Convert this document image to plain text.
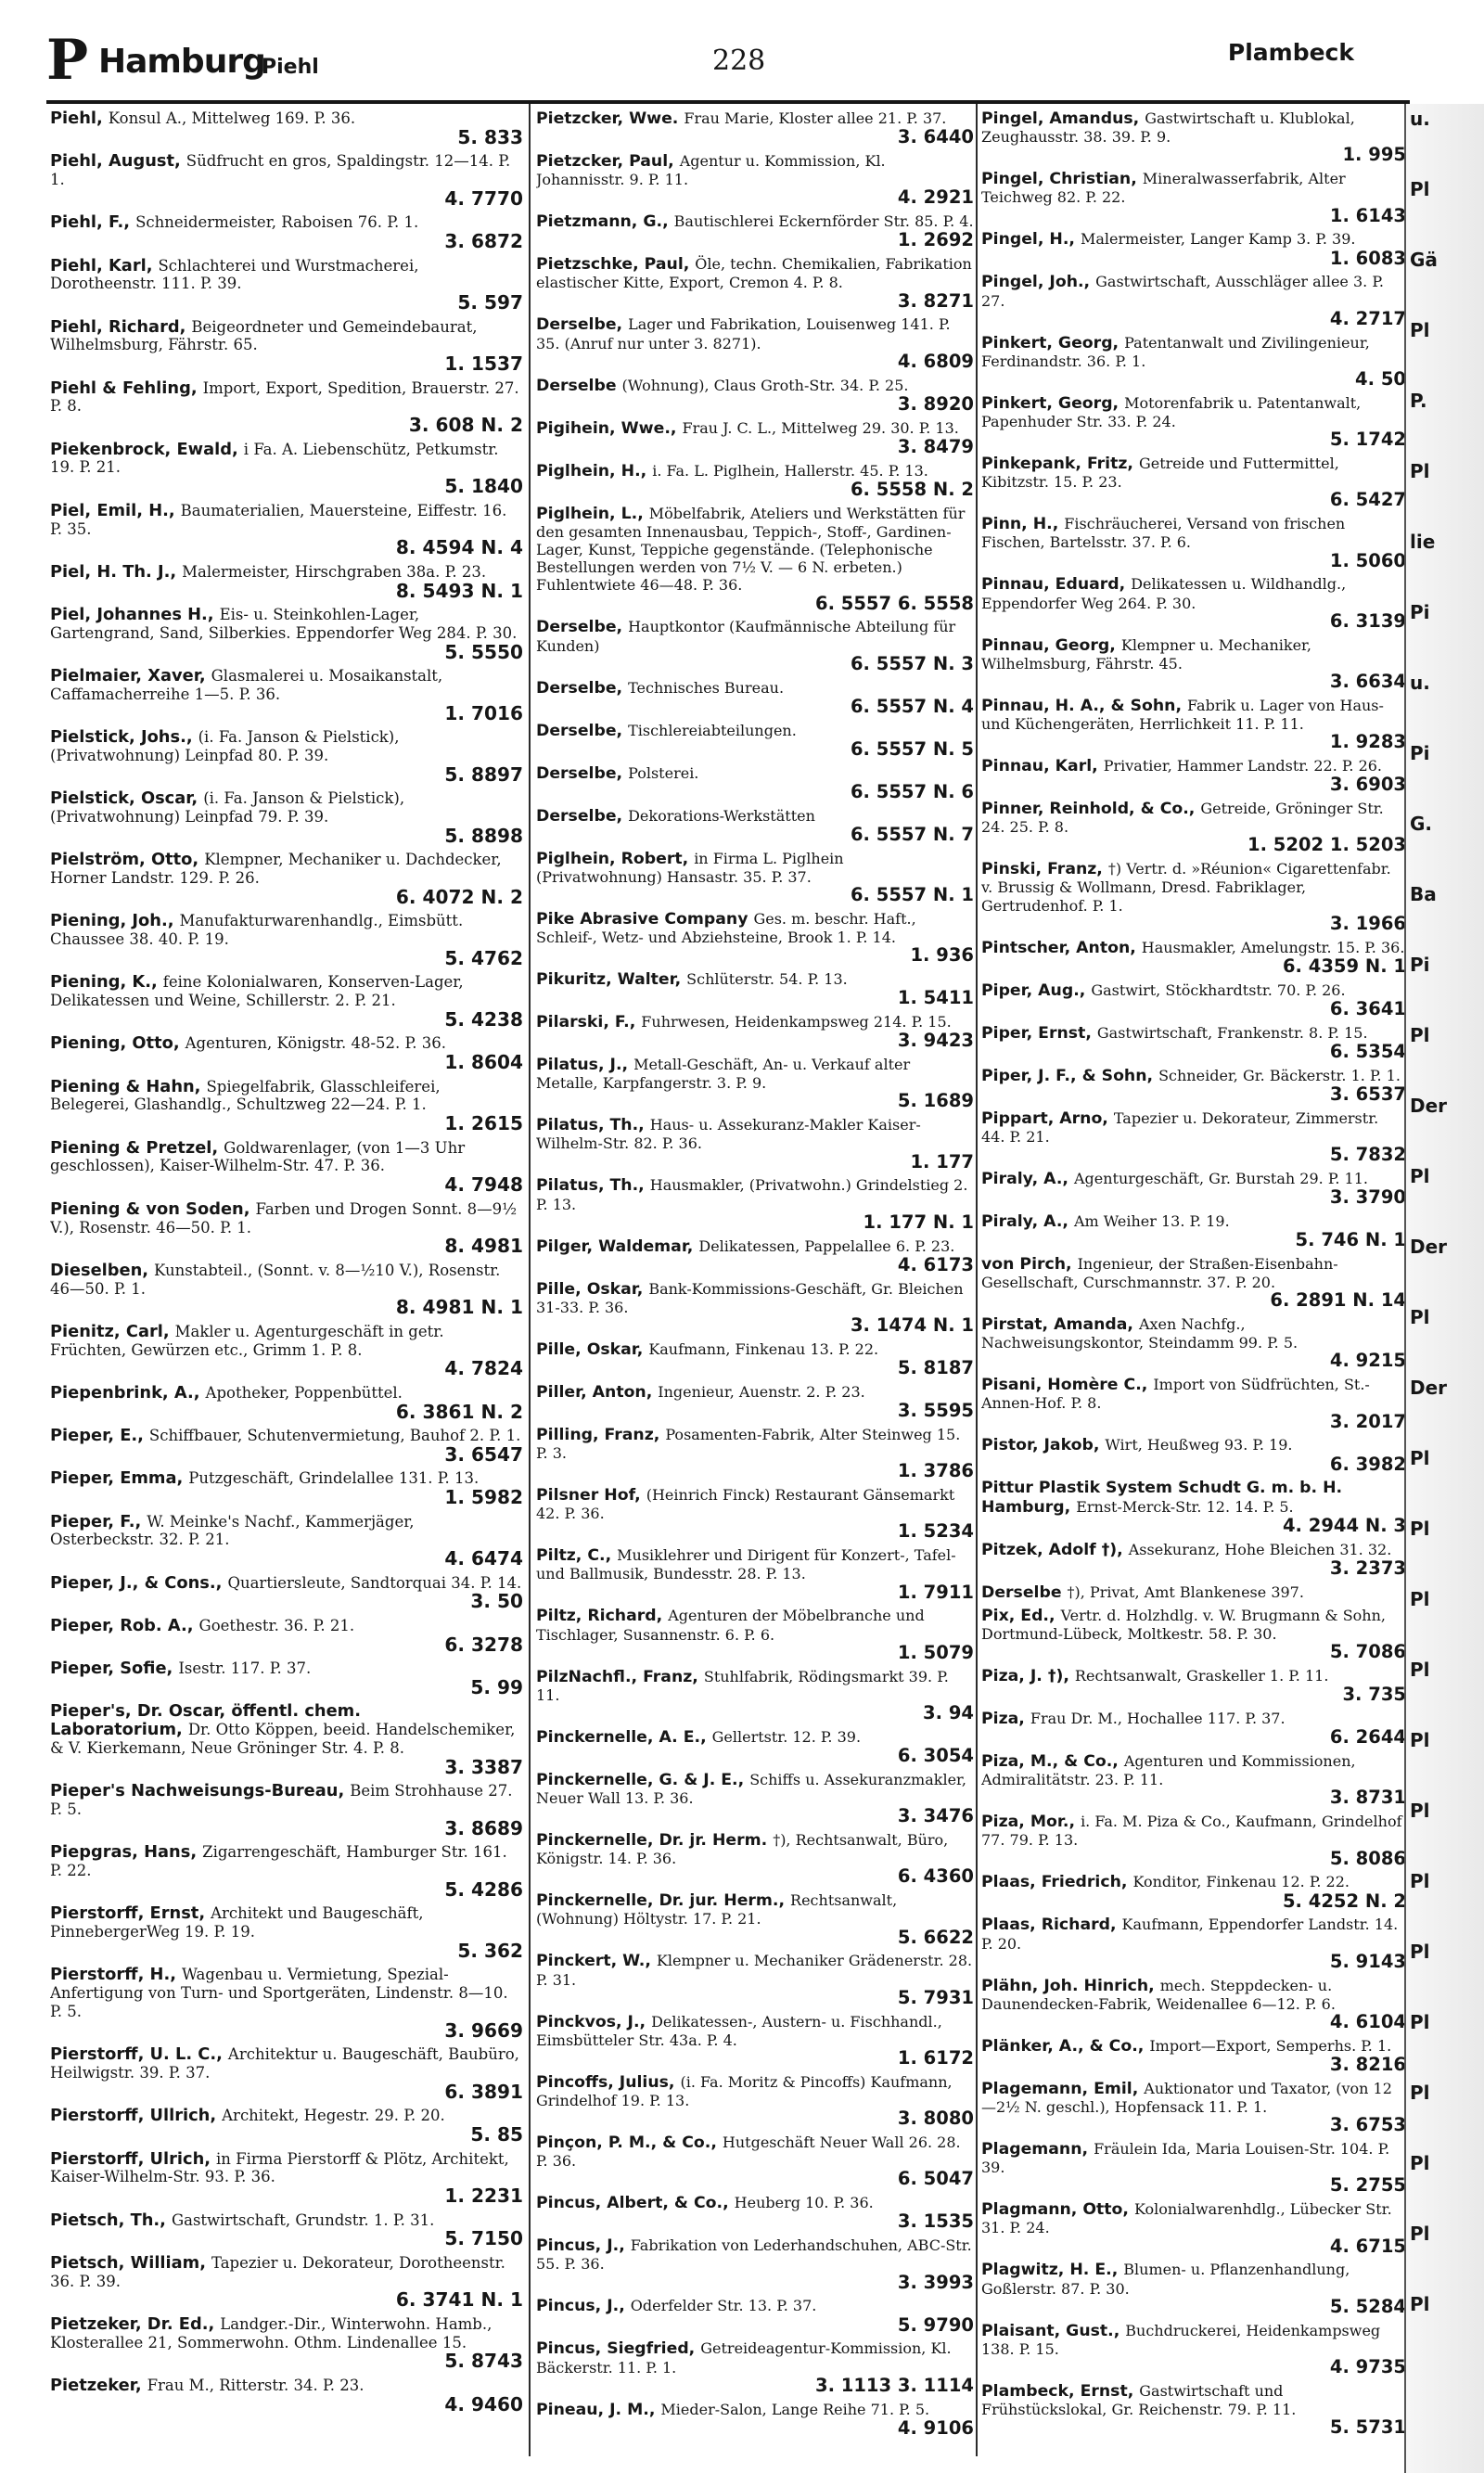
P Hamburg
Piehl	228	Plambeck
Piehl, Konsul A., Mittelweg 169. P. 36.
5. 833
Piehl, August, Südfrucht en gros, Spaldingstr. 12—14. P. 1.
4. 7770
Piehl, F., Schneidermeister, Raboisen 76. P. 1.
3. 6872
Piehl, Karl, Schlachterei und Wurstmacherei, Dorotheenstr. 111. P. 39.
5. 597
Piehl, Richard, Beigeordneter und Gemeindebaurat, Wilhelmsburg, Fährstr. 65.
1. 1537
Piehl & Fehling, Import, Export, Spedition, Brauerstr. 27. P. 8.
3. 608 N. 2
Piekenbrock, Ewald, i Fa. A. Liebenschütz, Petkumstr. 19. P. 21.
5. 1840
Piel, Emil, H., Baumaterialien, Mauersteine, Eiffestr. 16. P. 35.
8. 4594 N. 4
Piel, H. Th. J., Malermeister, Hirschgraben 38a. P. 23.
8. 5493 N. 1
Piel, Johannes H., Eis- u. Steinkohlen-Lager, Gartengrand, Sand, Silberkies. Eppendorfer Weg 284. P. 30.
5. 5550
Pielmaier, Xaver, Glasmalerei u. Mosaikanstalt, Caffamacherreihe 1—5. P. 36.
1. 7016
Pielstick, Johs., (i. Fa. Janson & Pielstick), (Privatwohnung) Leinpfad 80. P. 39.
5. 8897
Pielstick, Oscar, (i. Fa. Janson & Pielstick), (Privatwohnung) Leinpfad 79. P. 39.
5. 8898
Pielström, Otto, Klempner, Mechaniker u. Dachdecker, Horner Landstr. 129. P. 26.
6. 4072 N. 2
Piening, Joh., Manufakturwarenhandlg., Eimsbütt. Chaussee 38. 40. P. 19.
5. 4762
Piening, K., feine Kolonialwaren, Konserven-Lager, Delikatessen und Weine, Schillerstr. 2. P. 21.
5. 4238
Piening, Otto, Agenturen, Königstr. 48-52. P. 36.
1. 8604
Piening & Hahn, Spiegelfabrik, Glasschleiferei, Belegerei, Glashandlg., Schultzweg 22—24. P. 1.
1. 2615
Piening & Pretzel, Goldwarenlager, (von 1—3 Uhr geschlossen), Kaiser-Wilhelm-Str. 47. P. 36.
4. 7948
Piening & von Soden, Farben und Drogen Sonnt. 8—9½ V.), Rosenstr. 46—50. P. 1.
8. 4981
Dieselben, Kunstabteil., (Sonnt. v. 8—½10 V.), Rosenstr. 46—50. P. 1.
8. 4981 N. 1
Pienitz, Carl, Makler u. Agenturgeschäft in getr. Früchten, Gewürzen etc., Grimm 1. P. 8.
4. 7824
Piepenbrink, A., Apotheker, Poppenbüttel.
6. 3861 N. 2
Pieper, E., Schiffbauer, Schutenvermietung, Bauhof 2. P. 1.
3. 6547
Pieper, Emma, Putzgeschäft, Grindelallee 131. P. 13.
1. 5982
Pieper, F., W. Meinke's Nachf., Kammerjäger, Osterbeckstr. 32. P. 21.
4. 6474
Pieper, J., & Cons., Quartiersleute, Sandtorquai 34. P. 14.
3. 50
Pieper, Rob. A., Goethestr. 36. P. 21.
6. 3278
Pieper, Sofie, Isestr. 117. P. 37.
5. 99
Pieper's, Dr. Oscar, öffentl. chem. Laboratorium, Dr. Otto Köppen, beeid. Handelschemiker, & V. Kierkemann, Neue Gröninger Str. 4. P. 8.
3. 3387
Pieper's Nachweisungs-Bureau, Beim Strohhause 27. P. 5.
3. 8689
Piepgras, Hans, Zigarrengeschäft, Hamburger Str. 161. P. 22.
5. 4286
Pierstorff, Ernst, Architekt und Baugeschäft, PinnebergerWeg 19. P. 19.
5. 362
Pierstorff, H., Wagenbau u. Vermietung, Spezial-Anfertigung von Turn- und Sportgeräten, Lindenstr. 8—10. P. 5.
3. 9669
Pierstorff, U. L. C., Architektur u. Baugeschäft, Baubüro, Heilwigstr. 39. P. 37.
6. 3891
Pierstorff, Ullrich, Architekt, Hegestr. 29. P. 20.
5. 85
Pierstorff, Ulrich, in Firma Pierstorff & Plötz, Architekt, Kaiser-Wilhelm-Str. 93. P. 36.
1. 2231
Pietsch, Th., Gastwirtschaft, Grundstr. 1. P. 31.
5. 7150
Pietsch, William, Tapezier u. Dekorateur, Dorotheenstr. 36. P. 39.
6. 3741 N. 1
Pietzeker, Dr. Ed., Landger.-Dir., Winterwohn. Hamb., Klosterallee 21, Sommerwohn. Othm. Lindenallee 15.
5. 8743
Pietzeker, Frau M., Ritterstr. 34. P. 23.
4. 9460
Pietzcker, Wwe. Frau Marie, Kloster allee 21. P. 37.
3. 6440
Pietzcker, Paul, Agentur u. Kommission, Kl. Johannisstr. 9. P. 11.
4. 2921
Pietzmann, G., Bautischlerei Eckernförder Str. 85. P. 4.
1. 2692
Pietzschke, Paul, Öle, techn. Chemikalien, Fabrikation elastischer Kitte, Export, Cremon 4. P. 8.
3. 8271
Derselbe, Lager und Fabrikation, Louisenweg 141. P. 35. (Anruf nur unter 3. 8271).
4. 6809
Derselbe (Wohnung), Claus Groth-Str. 34. P. 25.
3. 8920
Pigihein, Wwe., Frau J. C. L., Mittelweg 29. 30. P. 13.
3. 8479
Piglhein, H., i. Fa. L. Piglhein, Hallerstr. 45. P. 13.
6. 5558 N. 2
Piglhein, L., Möbelfabrik, Ateliers und Werkstätten für den gesamten Innenausbau, Teppich-, Stoff-, Gardinen-Lager, Kunst, Teppiche gegenstände. (Telephonische Bestellungen werden von 7½ V. — 6 N. erbeten.) Fuhlentwiete 46—48. P. 36.
6. 5557 6. 5558
Derselbe, Hauptkontor (Kaufmännische Abteilung für Kunden)
6. 5557 N. 3
Derselbe, Technisches Bureau.
6. 5557 N. 4
Derselbe, Tischlereiabteilungen.
6. 5557 N. 5
Derselbe, Polsterei.
6. 5557 N. 6
Derselbe, Dekorations-Werkstätten
6. 5557 N. 7
Piglhein, Robert, in Firma L. Piglhein (Privatwohnung) Hansastr. 35. P. 37.
6. 5557 N. 1
Pike Abrasive Company Ges. m. beschr. Haft., Schleif-, Wetz- und Abziehsteine, Brook 1. P. 14.
1. 936
Pikuritz, Walter, Schlüterstr. 54. P. 13.
1. 5411
Pilarski, F., Fuhrwesen, Heidenkampsweg 214. P. 15.
3. 9423
Pilatus, J., Metall-Geschäft, An- u. Verkauf alter Metalle, Karpfangerstr. 3. P. 9.
5. 1689
Pilatus, Th., Haus- u. Assekuranz-Makler Kaiser-Wilhelm-Str. 82. P. 36.
1. 177
Pilatus, Th., Hausmakler, (Privatwohn.) Grindelstieg 2. P. 13.
1. 177 N. 1
Pilger, Waldemar, Delikatessen, Pappelallee 6. P. 23.
4. 6173
Pille, Oskar, Bank-Kommissions-Geschäft, Gr. Bleichen 31-33. P. 36.
3. 1474 N. 1
Pille, Oskar, Kaufmann, Finkenau 13. P. 22.
5. 8187
Piller, Anton, Ingenieur, Auenstr. 2. P. 23.
3. 5595
Pilling, Franz, Posamenten-Fabrik, Alter Steinweg 15. P. 3.
1. 3786
Pilsner Hof, (Heinrich Finck) Restaurant Gänsemarkt 42. P. 36.
1. 5234
Piltz, C., Musiklehrer und Dirigent für Konzert-, Tafel- und Ballmusik, Bundesstr. 28. P. 13.
1. 7911
Piltz, Richard, Agenturen der Möbelbranche und Tischlager, Susannenstr. 6. P. 6.
1. 5079
PilzNachfl., Franz, Stuhlfabrik, Rödingsmarkt 39. P. 11.
3. 94
Pinckernelle, A. E., Gellertstr. 12. P. 39.
6. 3054
Pinckernelle, G. & J. E., Schiffs u. Assekuranzmakler, Neuer Wall 13. P. 36.
3. 3476
Pinckernelle, Dr. jr. Herm. †), Rechtsanwalt, Büro, Königstr. 14. P. 36.
6. 4360
Pinckernelle, Dr. jur. Herm., Rechtsanwalt, (Wohnung) Höltystr. 17. P. 21.
5. 6622
Pinckert, W., Klempner u. Mechaniker Grädenerstr. 28. P. 31.
5. 7931
Pinckvos, J., Delikatessen-, Austern- u. Fischhandl., Eimsbütteler Str. 43a. P. 4.
1. 6172
Pincoffs, Julius, (i. Fa. Moritz & Pincoffs) Kaufmann, Grindelhof 19. P. 13.
3. 8080
Pinçon, P. M., & Co., Hutgeschäft Neuer Wall 26. 28. P. 36.
6. 5047
Pincus, Albert, & Co., Heuberg 10. P. 36.
3. 1535
Pincus, J., Fabrikation von Lederhandschuhen, ABC-Str. 55. P. 36.
3. 3993
Pincus, J., Oderfelder Str. 13. P. 37.
5. 9790
Pincus, Siegfried, Getreideagentur-Kommission, Kl. Bäckerstr. 11. P. 1.
3. 1113 3. 1114
Pineau, J. M., Mieder-Salon, Lange Reihe 71. P. 5.
4. 9106
Pingel, Amandus, Gastwirtschaft u. Klublokal, Zeughausstr. 38. 39. P. 9.
1. 995
Pingel, Christian, Mineralwasserfabrik, Alter Teichweg 82. P. 22.
1. 6143
Pingel, H., Malermeister, Langer Kamp 3. P. 39.
1. 6083
Pingel, Joh., Gastwirtschaft, Ausschläger allee 3. P. 27.
4. 2717
Pinkert, Georg, Patentanwalt und Zivilingenieur, Ferdinandstr. 36. P. 1.
4. 50
Pinkert, Georg, Motorenfabrik u. Patentanwalt, Papenhuder Str. 33. P. 24.
5. 1742
Pinkepank, Fritz, Getreide und Futtermittel, Kibitzstr. 15. P. 23.
6. 5427
Pinn, H., Fischräucherei, Versand von frischen Fischen, Bartelsstr. 37. P. 6.
1. 5060
Pinnau, Eduard, Delikatessen u. Wildhandlg., Eppendorfer Weg 264. P. 30.
6. 3139
Pinnau, Georg, Klempner u. Mechaniker, Wilhelmsburg, Fährstr. 45.
3. 6634
Pinnau, H. A., & Sohn, Fabrik u. Lager von Haus- und Küchengeräten, Herrlichkeit 11. P. 11.
1. 9283
Pinnau, Karl, Privatier, Hammer Landstr. 22. P. 26.
3. 6903
Pinner, Reinhold, & Co., Getreide, Gröninger Str. 24. 25. P. 8.
1. 5202 1. 5203
Pinski, Franz, †) Vertr. d. »Réunion« Cigarettenfabr. v. Brussig & Wollmann, Dresd. Fabriklager, Gertrudenhof. P. 1.
3. 1966
Pintscher, Anton, Hausmakler, Amelungstr. 15. P. 36.
6. 4359 N. 1
Piper, Aug., Gastwirt, Stöckhardtstr. 70. P. 26.
6. 3641
Piper, Ernst, Gastwirtschaft, Frankenstr. 8. P. 15.
6. 5354
Piper, J. F., & Sohn, Schneider, Gr. Bäckerstr. 1. P. 1.
3. 6537
Pippart, Arno, Tapezier u. Dekorateur, Zimmerstr. 44. P. 21.
5. 7832
Piraly, A., Agenturgeschäft, Gr. Burstah 29. P. 11.
3. 3790
Piraly, A., Am Weiher 13. P. 19.
5. 746 N. 1
von Pirch, Ingenieur, der Straßen-Eisenbahn-Gesellschaft, Curschmannstr. 37. P. 20.
6. 2891 N. 14
Pirstat, Amanda, Axen Nachfg., Nachweisungskontor, Steindamm 99. P. 5.
4. 9215
Pisani, Homère C., Import von Südfrüchten, St.-Annen-Hof. P. 8.
3. 2017
Pistor, Jakob, Wirt, Heußweg 93. P. 19.
6. 3982
Pittur Plastik System Schudt G. m. b. H. Hamburg, Ernst-Merck-Str. 12. 14. P. 5.
4. 2944 N. 3
Pitzek, Adolf †), Assekuranz, Hohe Bleichen 31. 32.
3. 2373
Derselbe †), Privat, Amt Blankenese 397.
Pix, Ed., Vertr. d. Holzhdlg. v. W. Brugmann & Sohn, Dortmund-Lübeck, Moltkestr. 58. P. 30.
5. 7086
Piza, J. †), Rechtsanwalt, Graskeller 1. P. 11.
3. 735
Piza, Frau Dr. M., Hochallee 117. P. 37.
6. 2644
Piza, M., & Co., Agenturen und Kommissionen, Admiralitätstr. 23. P. 11.
3. 8731
Piza, Mor., i. Fa. M. Piza & Co., Kaufmann, Grindelhof 77. 79. P. 13.
5. 8086
Plaas, Friedrich, Konditor, Finkenau 12. P. 22.
5. 4252 N. 2
Plaas, Richard, Kaufmann, Eppendorfer Landstr. 14. P. 20.
5. 9143
Plähn, Joh. Hinrich, mech. Steppdecken- u. Daunendecken-Fabrik, Weidenallee 6—12. P. 6.
4. 6104
Plänker, A., & Co., Import—Export, Semperhs. P. 1.
3. 8216
Plagemann, Emil, Auktionator und Taxator, (von 12—2½ N. geschl.), Hopfensack 11. P. 1.
3. 6753
Plagemann, Fräulein Ida, Maria Louisen-Str. 104. P. 39.
5. 2755
Plagmann, Otto, Kolonialwarenhdlg., Lübecker Str. 31. P. 24.
4. 6715
Plagwitz, H. E., Blumen- u. Pflanzenhandlung, Goßlerstr. 87. P. 30.
5. 5284
Plaisant, Gust., Buchdruckerei, Heidenkampsweg 138. P. 15.
4. 9735
Plambeck, Ernst, Gastwirtschaft und Frühstückslokal, Gr. Reichenstr. 79. P. 11.
5. 5731
u.
Pl
Gä
Pl
P.
Pl
lie
Pi
u.
Pi
G.
Ba
Pi
Pl
Der
Pl
Der
Pl
Der
Pl
Pl
Pl
Pl
Pl
Pl
Pl
Pl
Pl
Pl
Pl
Pl
Pl
